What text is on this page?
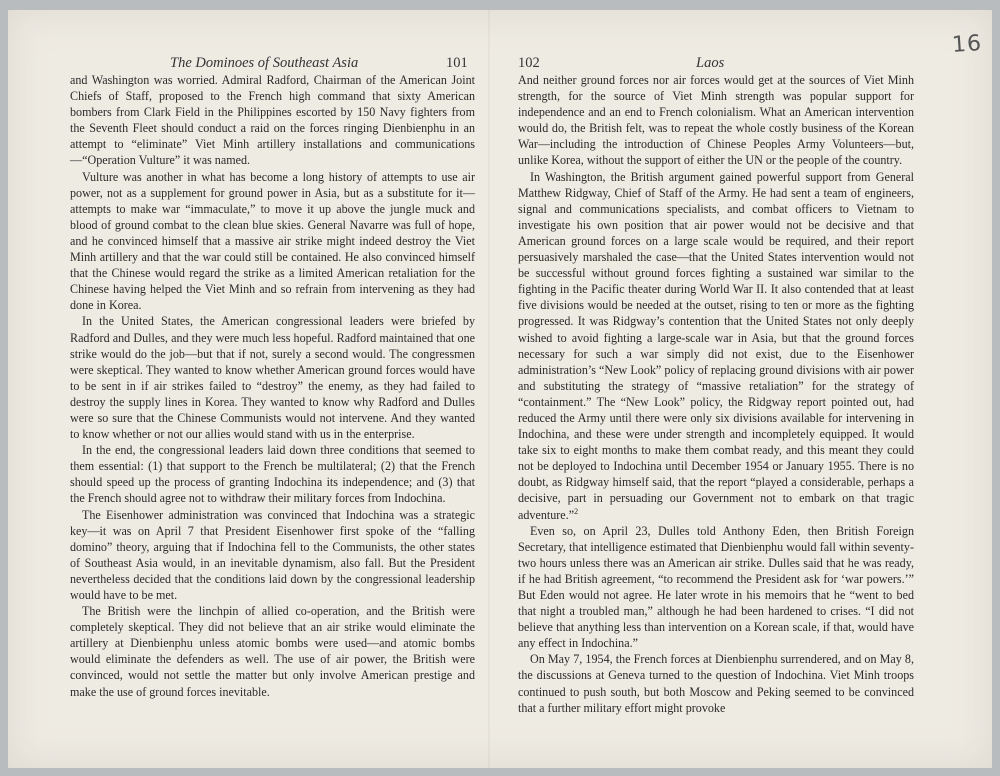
16
The Dominoes of Southeast Asia	101

and Washington was worried. Admiral Radford, Chairman of the American Joint Chiefs of Staff, proposed to the French high command that sixty American bombers from Clark Field in the Philippines escorted by 150 Navy fighters from the Seventh Fleet should conduct a raid on the forces ringing Dienbienphu in an attempt to “eliminate” Viet Minh artillery installations and communications—“Operation Vulture” it was named.

Vulture was another in what has become a long history of attempts to use air power, not as a supplement for ground power in Asia, but as a substitute for it—attempts to make war “immaculate,” to move it up above the jungle muck and blood of ground combat to the clean blue skies. General Navarre was full of hope, and he convinced himself that a massive air strike might indeed destroy the Viet Minh artillery and that the war could still be contained. He also convinced himself that the Chinese would regard the strike as a limited American retaliation for the Chinese having helped the Viet Minh and so refrain from intervening as they had done in Korea.

In the United States, the American congressional leaders were briefed by Radford and Dulles, and they were much less hopeful. Radford maintained that one strike would do the job—but that if not, surely a second would. The congressmen were skeptical. They wanted to know whether American ground forces would have to be sent in if air strikes failed to “destroy” the enemy, as they had failed to destroy the supply lines in Korea. They wanted to know why Radford and Dulles were so sure that the Chinese Communists would not intervene. And they wanted to know whether or not our allies would stand with us in the enterprise.

In the end, the congressional leaders laid down three conditions that seemed to them essential: (1) that support to the French be multilateral; (2) that the French should speed up the process of granting Indochina its independence; and (3) that the French should agree not to withdraw their military forces from Indochina.

The Eisenhower administration was convinced that Indochina was a strategic key—it was on April 7 that President Eisenhower first spoke of the “falling domino” theory, arguing that if Indochina fell to the Communists, the other states of Southeast Asia would, in an inevitable dynamism, also fall. But the President nevertheless decided that the conditions laid down by the congressional leadership would have to be met.

The British were the linchpin of allied co-operation, and the British were completely skeptical. They did not believe that an air strike would eliminate the artillery at Dienbienphu unless atomic bombs were used—and atomic bombs would eliminate the defenders as well. The use of air power, the British were convinced, would not settle the matter but only involve American prestige and make the use of ground forces inevitable.

102	Laos

And neither ground forces nor air forces would get at the sources of Viet Minh strength, for the source of Viet Minh strength was popular support for independence and an end to French colonialism. What an American intervention would do, the British felt, was to repeat the whole costly business of the Korean War—including the introduction of Chinese Peoples Army Volunteers—but, unlike Korea, without the support of either the UN or the people of the country.

In Washington, the British argument gained powerful support from General Matthew Ridgway, Chief of Staff of the Army. He had sent a team of engineers, signal and communications specialists, and combat officers to Vietnam to investigate his own position that air power would not be decisive and that American ground forces on a large scale would be required, and their report persuasively marshaled the case—that the United States intervention would not be successful without ground forces fighting a sustained war similar to the fighting in the Pacific theater during World War II. It also contended that at least five divisions would be needed at the outset, rising to ten or more as the fighting progressed. It was Ridgway’s contention that the United States not only deeply wished to avoid fighting a large-scale war in Asia, but that the ground forces necessary for such a war simply did not exist, due to the Eisenhower administration’s “New Look” policy of replacing ground divisions with air power and substituting the strategy of “massive retaliation” for the strategy of “containment.” The “New Look” policy, the Ridgway report pointed out, had reduced the Army until there were only six divisions available for intervening in Indochina, and these were under strength and incompletely equipped. It would take six to eight months to make them combat ready, and this meant they could not be deployed to Indochina until December 1954 or January 1955. There is no doubt, as Ridgway himself said, that the report “played a considerable, perhaps a decisive, part in persuading our Government not to embark on that tragic adventure.”$^2$

Even so, on April 23, Dulles told Anthony Eden, then British Foreign Secretary, that intelligence estimated that Dienbienphu would fall within seventy-two hours unless there was an American air strike. Dulles said that he was ready, if he had British agreement, “to recommend the President ask for ‘war powers.’” But Eden would not agree. He later wrote in his memoirs that he “went to bed that night a troubled man,” although he had been hardened to crises. “I did not believe that anything less than intervention on a Korean scale, if that, would have any effect in Indochina.”

On May 7, 1954, the French forces at Dienbienphu surrendered, and on May 8, the discussions at Geneva turned to the question of Indochina. Viet Minh troops continued to push south, but both Moscow and Peking seemed to be convinced that a further military effort might provoke
